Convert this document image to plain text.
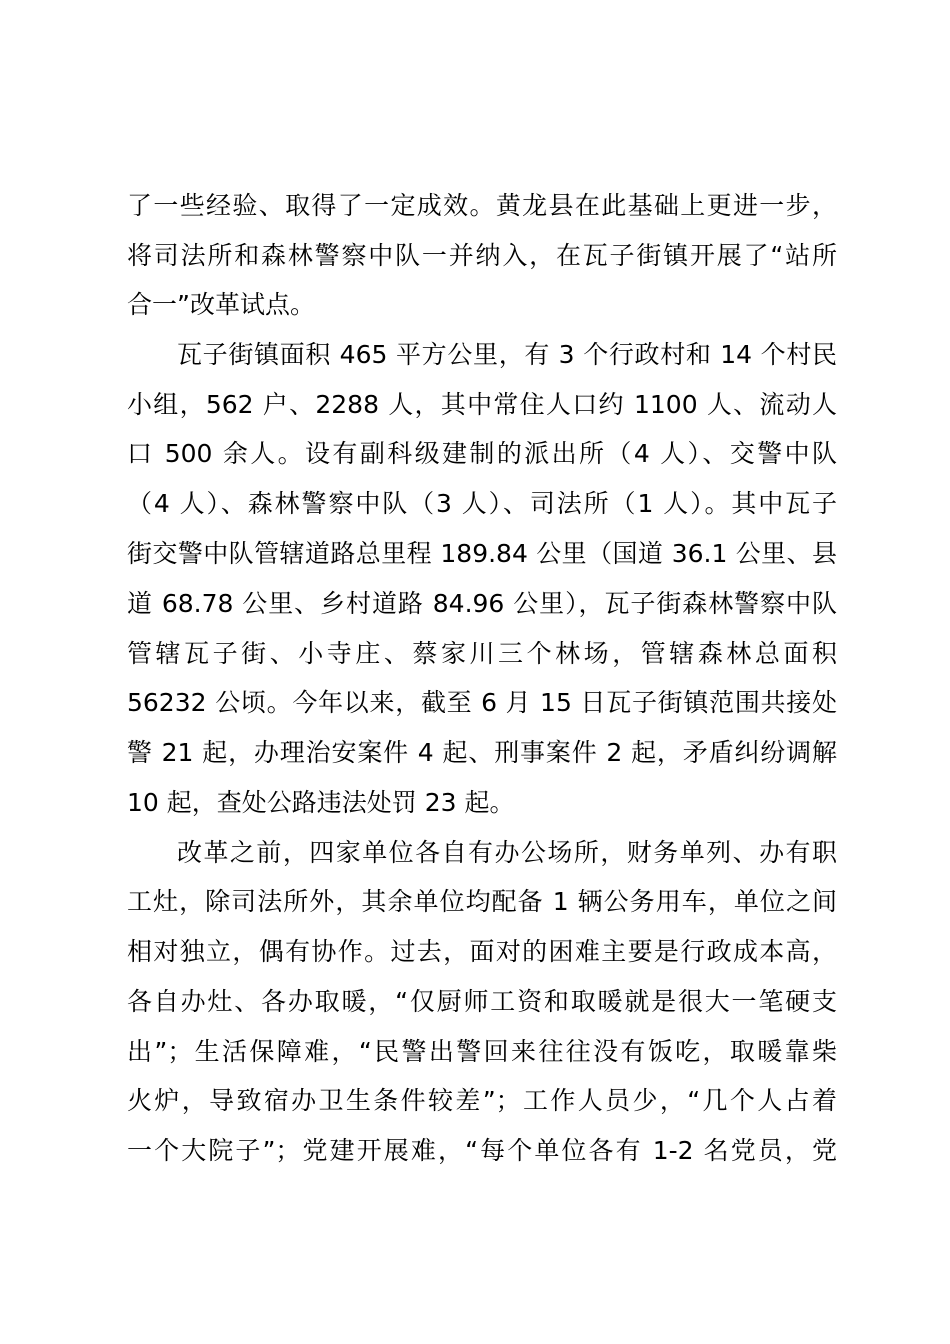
了一些经验、取得了一定成效。黄龙县在此基础上更进一步，
将司法所和森林警察中队一并纳入，在瓦子街镇开展了“站所
合一”改革试点。
瓦子街镇面积 465 平方公里，有 3 个行政村和 14 个村民
小组，562 户、2288 人，其中常住人口约 1100 人、流动人
口 500 余人。设有副科级建制的派出所（4 人）、交警中队
（4 人）、森林警察中队（3 人）、司法所（1 人）。其中瓦子
街交警中队管辖道路总里程 189.84 公里（国道 36.1 公里、县
道 68.78 公里、乡村道路 84.96 公里），瓦子街森林警察中队
管辖瓦子街、小寺庄、蔡家川三个林场，管辖森林总面积
56232 公顷。今年以来，截至 6 月 15 日瓦子街镇范围共接处
警 21 起，办理治安案件 4 起、刑事案件 2 起，矛盾纠纷调解
10 起，查处公路违法处罚 23 起。
改革之前，四家单位各自有办公场所，财务单列、办有职
工灶，除司法所外，其余单位均配备 1 辆公务用车，单位之间
相对独立，偶有协作。过去，面对的困难主要是行政成本高，
各自办灶、各办取暖，“仅厨师工资和取暖就是很大一笔硬支
出”；生活保障难，“民警出警回来往往没有饭吃，取暖靠柴
火炉，导致宿办卫生条件较差”；工作人员少，“几个人占着
一个大院子”；党建开展难，“每个单位各有 1-2 名党员，党
